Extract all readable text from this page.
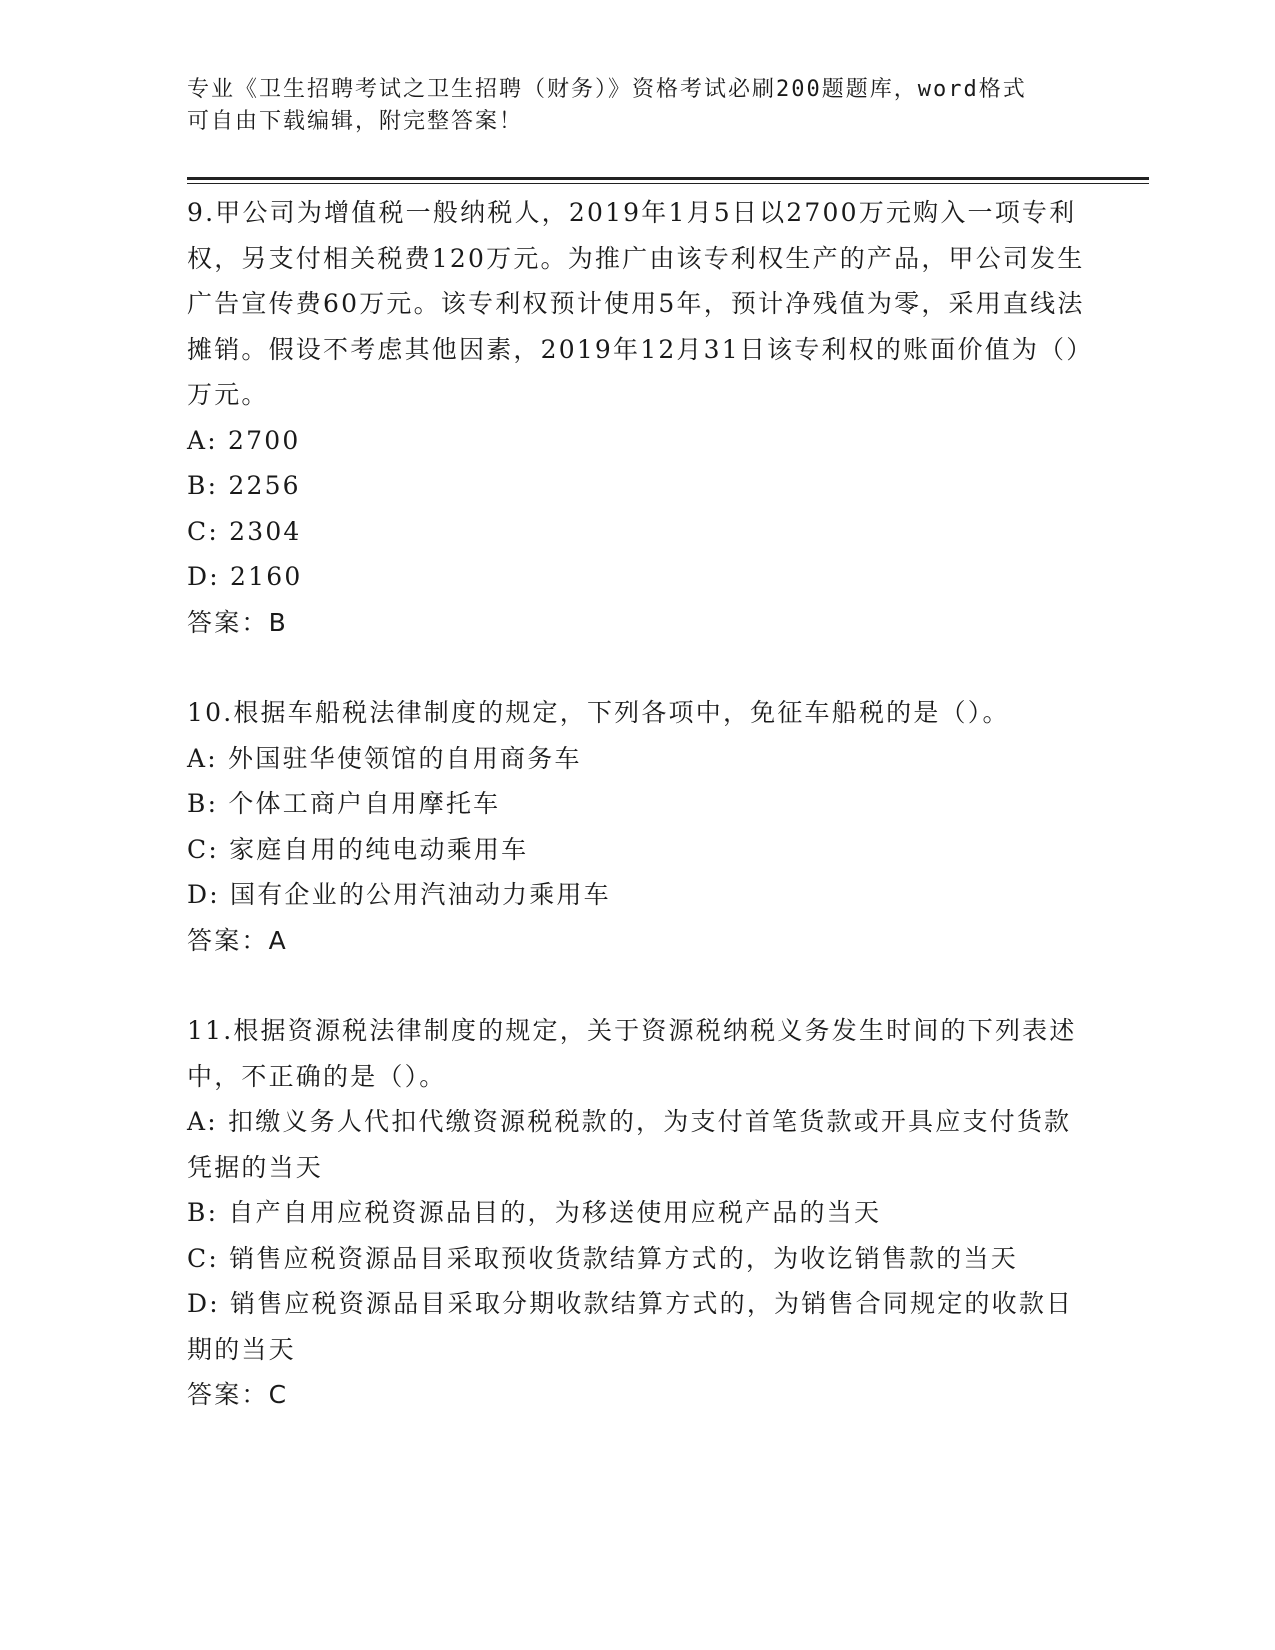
专业《卫生招聘考试之卫生招聘（财务）》资格考试必刷200题题库，word格式
可自由下载编辑，附完整答案！
9.甲公司为增值税一般纳税人，2019年1月5日以2700万元购入一项专利权，另支付相关税费120万元。为推广由该专利权生产的产品，甲公司发生广告宣传费60万元。该专利权预计使用5年，预计净残值为零，采用直线法摊销。假设不考虑其他因素，2019年12月31日该专利权的账面价值为（）万元。
A: 2700
B: 2256
C: 2304
D: 2160
答案：B
10.根据车船税法律制度的规定，下列各项中，免征车船税的是（）。
A: 外国驻华使领馆的自用商务车
B: 个体工商户自用摩托车
C: 家庭自用的纯电动乘用车
D: 国有企业的公用汽油动力乘用车
答案：A
11.根据资源税法律制度的规定，关于资源税纳税义务发生时间的下列表述中，不正确的是（）。
A: 扣缴义务人代扣代缴资源税税款的，为支付首笔货款或开具应支付货款凭据的当天
B: 自产自用应税资源品目的，为移送使用应税产品的当天
C: 销售应税资源品目采取预收货款结算方式的，为收讫销售款的当天
D: 销售应税资源品目采取分期收款结算方式的，为销售合同规定的收款日期的当天
答案：C
